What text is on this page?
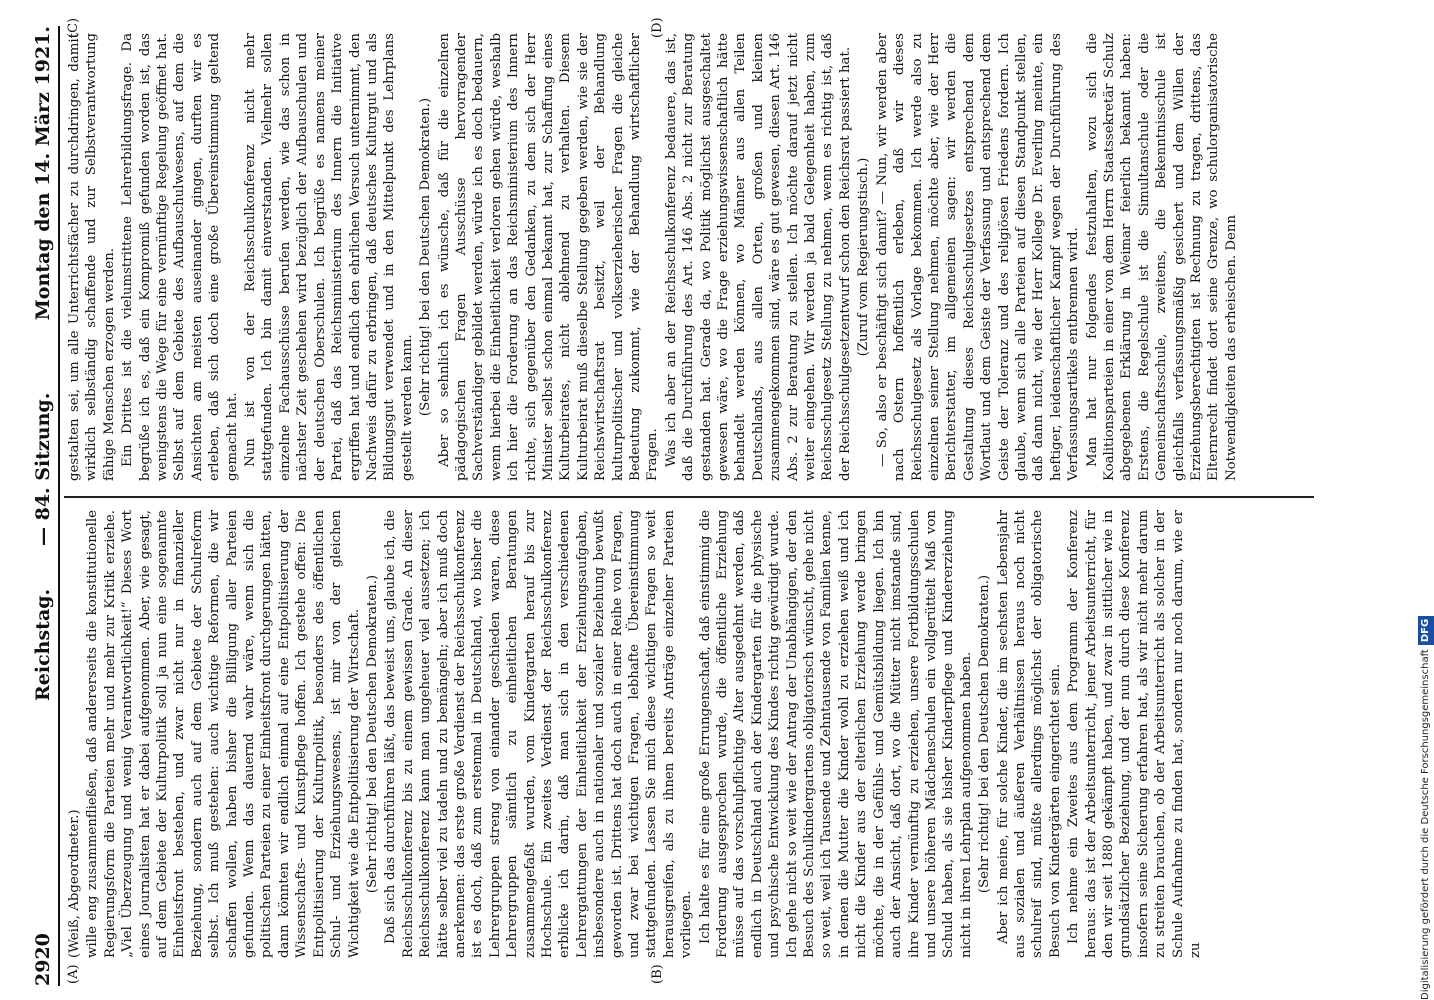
2920
Reichstag.
— 84. Sitzung.
Montag den 14. März 1921.
(A)	(B)
(C)	(D)

(Weiß, Abgeordneter.) wille eng zusammenfließen, daß andererseits die konstitutionelle Regierungsform die Parteien mehr und mehr zur Kritik erziehe. „Viel Überzeugung und wenig Verantwortlichkeit!“ Dieses Wort eines Journalisten hat er dabei aufgenommen. Aber, wie gesagt, auf dem Gebiete der Kulturpolitik soll ja nun eine sogenannte Einheitsfront bestehen, und zwar nicht nur in finanzieller Beziehung, sondern auch auf dem Gebiete der Schulreform selbst. Ich muß gestehen: auch wichtige Reformen, die wir schaffen wollen, haben bisher die Billigung aller Parteien gefunden. Wenn das dauernd wahr wäre, wenn sich die politischen Parteien zu einer Einheitsfront durchgerungen hätten, dann könnten wir endlich einmal auf eine Entpolitisierung der Wissenschafts- und Kunstpflege hoffen. Ich gestehe offen: Die Entpolitisierung der Kulturpolitik, besonders des öffentlichen Schul- und Erziehungswesens, ist mir von der gleichen Wichtigkeit wie die Entpolitisierung der Wirtschaft. (Sehr richtig! bei den Deutschen Demokraten.) Daß sich das durchführen läßt, das beweist uns, glaube ich, die Reichsschulkonferenz bis zu einem gewissen Grade. An dieser Reichsschulkonferenz kann man ungeheuer viel aussetzen; ich hätte selber viel zu tadeln und zu bemängeln; aber ich muß doch anerkennen: das erste große Verdienst der Reichsschulkonferenz ist es doch, daß zum erstenmal in Deutschland, wo bisher die Lehrergruppen streng von einander geschieden waren, diese Lehrergruppen sämtlich zu einheitlichen Beratungen zusammengefaßt wurden, vom Kindergarten herauf bis zur Hochschule. Ein zweites Verdienst der Reichsschulkonferenz erblicke ich darin, daß man sich in den verschiedenen Lehrergattungen der Einheitlichkeit der Erziehungsaufgaben, insbesondere auch in nationaler und sozialer Beziehung bewußt geworden ist. Drittens hat doch auch in einer Reihe von Fragen, und zwar bei wichtigen Fragen, lebhafte Übereinstimmung stattgefunden. Lassen Sie mich diese wichtigen Fragen so weit herausgreifen, als zu ihnen bereits Anträge einzelner Parteien vorliegen. Ich halte es für eine große Errungenschaft, daß einstimmig die Forderung ausgesprochen wurde, die öffentliche Erziehung müsse auf das vorschulpflichtige Alter ausgedehnt werden, daß endlich in Deutschland auch der Kindergarten für die physische und psychische Entwicklung des Kindes richtig gewürdigt wurde. Ich gehe nicht so weit wie der Antrag der Unabhängigen, der den Besuch des Schulkindergartens obligatorisch wünscht, gehe nicht so weit, weil ich Tausende und Zehntausende von Familien kenne, in denen die Mutter die Kinder wohl zu erziehen weiß und ich nicht die Kinder aus der elterlichen Erziehung werde bringen möchte, die in der Gefühls- und Gemütsbildung liegen. Ich bin auch der Ansicht, daß dort, wo die Mütter nicht imstande sind, ihre Kinder vernünftig zu erziehen, unsere Fortbildungsschulen und unsere höheren Mädchenschulen ein vollgerüttelt Maß von Schuld haben, als sie bisher Kinderpflege und Kindererziehung nicht in ihren Lehrplan aufgenommen haben. (Sehr richtig! bei den Deutschen Demokraten.) Aber ich meine, für solche Kinder, die im sechsten Lebensjahr aus sozialen und äußeren Verhältnissen heraus noch nicht schulreif sind, müßte allerdings möglichst der obligatorische Besuch von Kindergärten eingerichtet sein. Ich nehme ein Zweites aus dem Programm der Konferenz heraus: das ist der Arbeitsunterricht, jener Arbeitsunterricht, für den wir seit 1880 gekämpft haben, und zwar in sittlicher wie in grundsätzlicher Beziehung, und der nun durch diese Konferenz insofern seine Sicherung erfahren hat, als wir nicht mehr darum zu streiten brauchen, ob der Arbeitsunterricht als solcher in der Schule Aufnahme zu finden hat, sondern nur noch darum, wie er zu

gestalten sei, um alle Unterrichtsfächer zu durchdringen, damit wirklich selbständig schaffende und zur Selbstverantwortung fähige Menschen erzogen werden. Ein Drittes ist die vielumstrittene Lehrerbildungsfrage. Da begrüße ich es, daß ein Kompromiß gefunden worden ist, das wenigstens die Wege für eine vernünftige Regelung geöffnet hat. Selbst auf dem Gebiete des Aufbauschulwesens, auf dem die Ansichten am meisten auseinander gingen, durften wir es erleben, daß sich doch eine große Übereinstimmung geltend gemacht hat. Nun ist von der Reichsschulkonferenz nicht mehr stattgefunden. Ich bin damit einverstanden. Vielmehr sollen einzelne Fachausschüsse berufen werden, wie das schon in nächster Zeit geschehen wird bezüglich der Aufbauschulen und der deutschen Oberschulen. Ich begrüße es namens meiner Partei, daß das Reichsministerium des Innern die Initiative ergriffen hat und endlich den ehrlichen Versuch unternimmt, den Nachweis dafür zu erbringen, daß deutsches Kulturgut und als Bildungsgut verwendet und in den Mittelpunkt des Lehrplans gestellt werden kann. (Sehr richtig! bei den Deutschen Demokraten.) Aber so sehnlich ich es wünsche, daß für die einzelnen pädagogischen Fragen Ausschüsse hervorragender Sachverständiger gebildet werden, würde ich es doch bedauern, wenn hierbei die Einheitlichkeit verloren gehen würde, weshalb ich hier die Forderung an das Reichsministerium des Innern richte, sich gegenüber den Gedanken, zu dem sich der Herr Minister selbst schon einmal bekannt hat, zur Schaffung eines Kulturbeirates, nicht ablehnend zu verhalten. Diesem Kulturbeirat muß dieselbe Stellung gegeben werden, wie sie der Reichswirtschaftsrat besitzt, weil der Behandlung kulturpolitischer und volkserzieherischer Fragen die gleiche Bedeutung zukommt, wie der Behandlung wirtschaftlicher Fragen. Was ich aber an der Reichsschulkonferenz bedauere, das ist, daß die Durchführung des Art. 146 Abs. 2 nicht zur Beratung gestanden hat. Gerade da, wo Politik möglichst ausgeschaltet gewesen wäre, wo die Frage erziehungswissenschaftlich hätte behandelt werden können, wo Männer aus allen Teilen Deutschlands, aus allen Orten, großen und kleinen zusammengekommen sind, wäre es gut gewesen, diesen Art. 146 Abs. 2 zur Beratung zu stellen. Ich möchte darauf jetzt nicht weiter eingehen. Wir werden ja bald Gelegenheit haben, zum Reichsschulgesetz Stellung zu nehmen, wenn es richtig ist, daß der Reichsschulgesetzentwurf schon den Reichsrat passiert hat. (Zuruf vom Regierungstisch.) — So, also er beschäftigt sich damit? — Nun, wir werden aber nach Ostern hoffentlich erleben, daß wir dieses Reichsschulgesetz als Vorlage bekommen. Ich werde also zu einzelnen seiner Stellung nehmen, möchte aber, wie der Herr Berichterstatter, im allgemeinen sagen: wir werden die Gestaltung dieses Reichsschulgesetzes entsprechend dem Wortlaut und dem Geiste der Verfassung und entsprechend dem Geiste der Toleranz und des religiösen Friedens fordern. Ich glaube, wenn sich alle Parteien auf diesen Standpunkt stellen, daß dann nicht, wie der Herr Kollege Dr. Everling meinte, ein heftiger, leidenschaftlicher Kampf wegen der Durchführung des Verfassungsartikels entbrennen wird. Man hat nur folgendes festzuhalten, wozu sich die Koalitionsparteien in einer von dem Herrn Staatssekretär Schulz abgegebenen Erklärung in Weimar feierlich bekannt haben: Erstens, die Regelschule ist die Simultanschule oder die Gemeinschaftsschule, zweitens, die Bekenntnisschule ist gleichfalls verfassungsmäßig gesichert und dem Willen der Erziehungsberechtigten ist Rechnung zu tragen, drittens, das Elternrecht findet dort seine Grenze, wo schulorganisatorische Notwendigkeiten das erheischen. Denn

Digitalisierung gefördert durch die Deutsche ForschungsgemeinschaftDFG
